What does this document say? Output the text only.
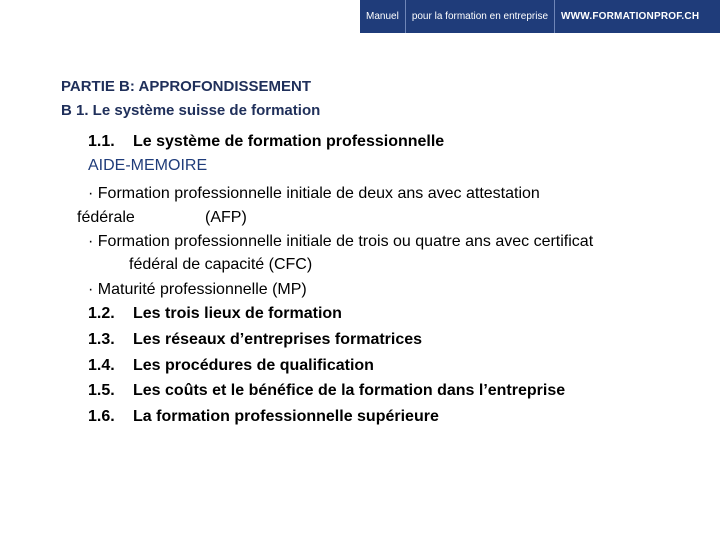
Manuel	pour la formation en entreprise	WWW.FORMATIONPROF.CH
PARTIE B: APPROFONDISSEMENT
B 1. Le système suisse de formation
1.1. Le système de formation professionnelle
AIDE-MEMOIRE
· Formation professionnelle initiale de deux ans avec attestation
fédérale	(AFP)
· Formation professionnelle initiale de trois ou quatre ans avec certificat
fédéral de capacité (CFC)
· Maturité professionnelle (MP)
1.2. Les trois lieux de formation
1.3. Les réseaux d’entreprises formatrices
1.4. Les procédures de qualification
1.5. Les coûts et le bénéfice de la formation dans l’entreprise
1.6. La formation professionnelle supérieure
